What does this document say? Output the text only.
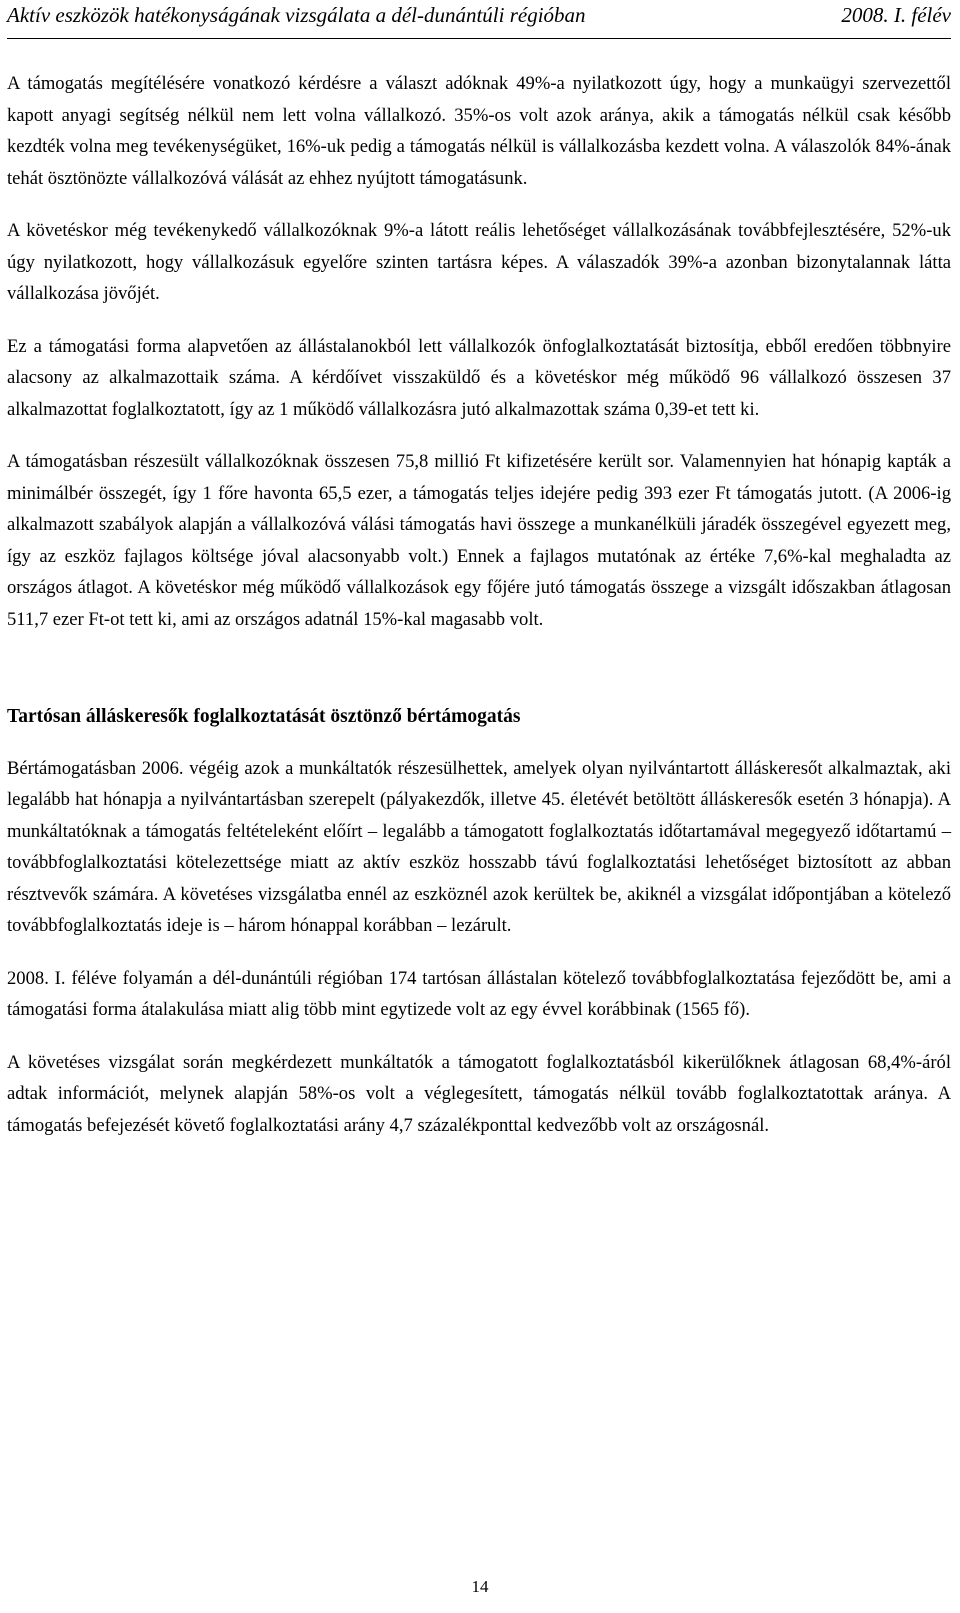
Aktív eszközök hatékonyságának vizsgálata a dél-dunántúli régióban	2008. I. félév

A támogatás megítélésére vonatkozó kérdésre a választ adóknak 49%-a nyilatkozott úgy, hogy a munkaügyi szervezettől kapott anyagi segítség nélkül nem lett volna vállalkozó. 35%-os volt azok aránya, akik a támogatás nélkül csak később kezdték volna meg tevékenységüket, 16%-uk pedig a támogatás nélkül is vállalkozásba kezdett volna. A válaszolók 84%-ának tehát ösztönözte vállalkozóvá válását az ehhez nyújtott támogatásunk.

A követéskor még tevékenykedő vállalkozóknak 9%-a látott reális lehetőséget vállalkozásának továbbfejlesztésére, 52%-uk úgy nyilatkozott, hogy vállalkozásuk egyelőre szinten tartásra képes. A válaszadók 39%-a azonban bizonytalannak látta vállalkozása jövőjét.

Ez a támogatási forma alapvetően az állástalanokból lett vállalkozók önfoglalkoztatását biztosítja, ebből eredően többnyire alacsony az alkalmazottaik száma. A kérdőívet visszaküldő és a követéskor még működő 96 vállalkozó összesen 37 alkalmazottat foglalkoztatott, így az 1 működő vállalkozásra jutó alkalmazottak száma 0,39-et tett ki.

A támogatásban részesült vállalkozóknak összesen 75,8 millió Ft kifizetésére került sor. Valamennyien hat hónapig kapták a minimálbér összegét, így 1 főre havonta 65,5 ezer, a támogatás teljes idejére pedig 393 ezer Ft támogatás jutott. (A 2006-ig alkalmazott szabályok alapján a vállalkozóvá válási támogatás havi összege a munkanélküli járadék összegével egyezett meg, így az eszköz fajlagos költsége jóval alacsonyabb volt.) Ennek a fajlagos mutatónak az értéke 7,6%-kal meghaladta az országos átlagot. A követéskor még működő vállalkozások egy főjére jutó támogatás összege a vizsgált időszakban átlagosan 511,7 ezer Ft-ot tett ki, ami az országos adatnál 15%-kal magasabb volt.

Tartósan álláskeresők foglalkoztatását ösztönző bértámogatás

Bértámogatásban 2006. végéig azok a munkáltatók részesülhettek, amelyek olyan nyilvántartott álláskeresőt alkalmaztak, aki legalább hat hónapja a nyilvántartásban szerepelt (pályakezdők, illetve 45. életévét betöltött álláskeresők esetén 3 hónapja). A munkáltatóknak a támogatás feltételeként előírt – legalább a támogatott foglalkoztatás időtartamával megegyező időtartamú – továbbfoglalkoztatási kötelezettsége miatt az aktív eszköz hosszabb távú foglalkoztatási lehetőséget biztosított az abban résztvevők számára. A követéses vizsgálatba ennél az eszköznél azok kerültek be, akiknél a vizsgálat időpontjában a kötelező továbbfoglalkoztatás ideje is – három hónappal korábban – lezárult.

2008. I. féléve folyamán a dél-dunántúli régióban 174 tartósan állástalan kötelező továbbfoglalkoztatása fejeződött be, ami a támogatási forma átalakulása miatt alig több mint egytizede volt az egy évvel korábbinak (1565 fő).

A követéses vizsgálat során megkérdezett munkáltatók a támogatott foglalkoztatásból kikerülőknek átlagosan 68,4%-áról adtak információt, melynek alapján 58%-os volt a véglegesített, támogatás nélkül tovább foglalkoztatottak aránya. A támogatás befejezését követő foglalkoztatási arány 4,7 százalékponttal kedvezőbb volt az országosnál.

14
